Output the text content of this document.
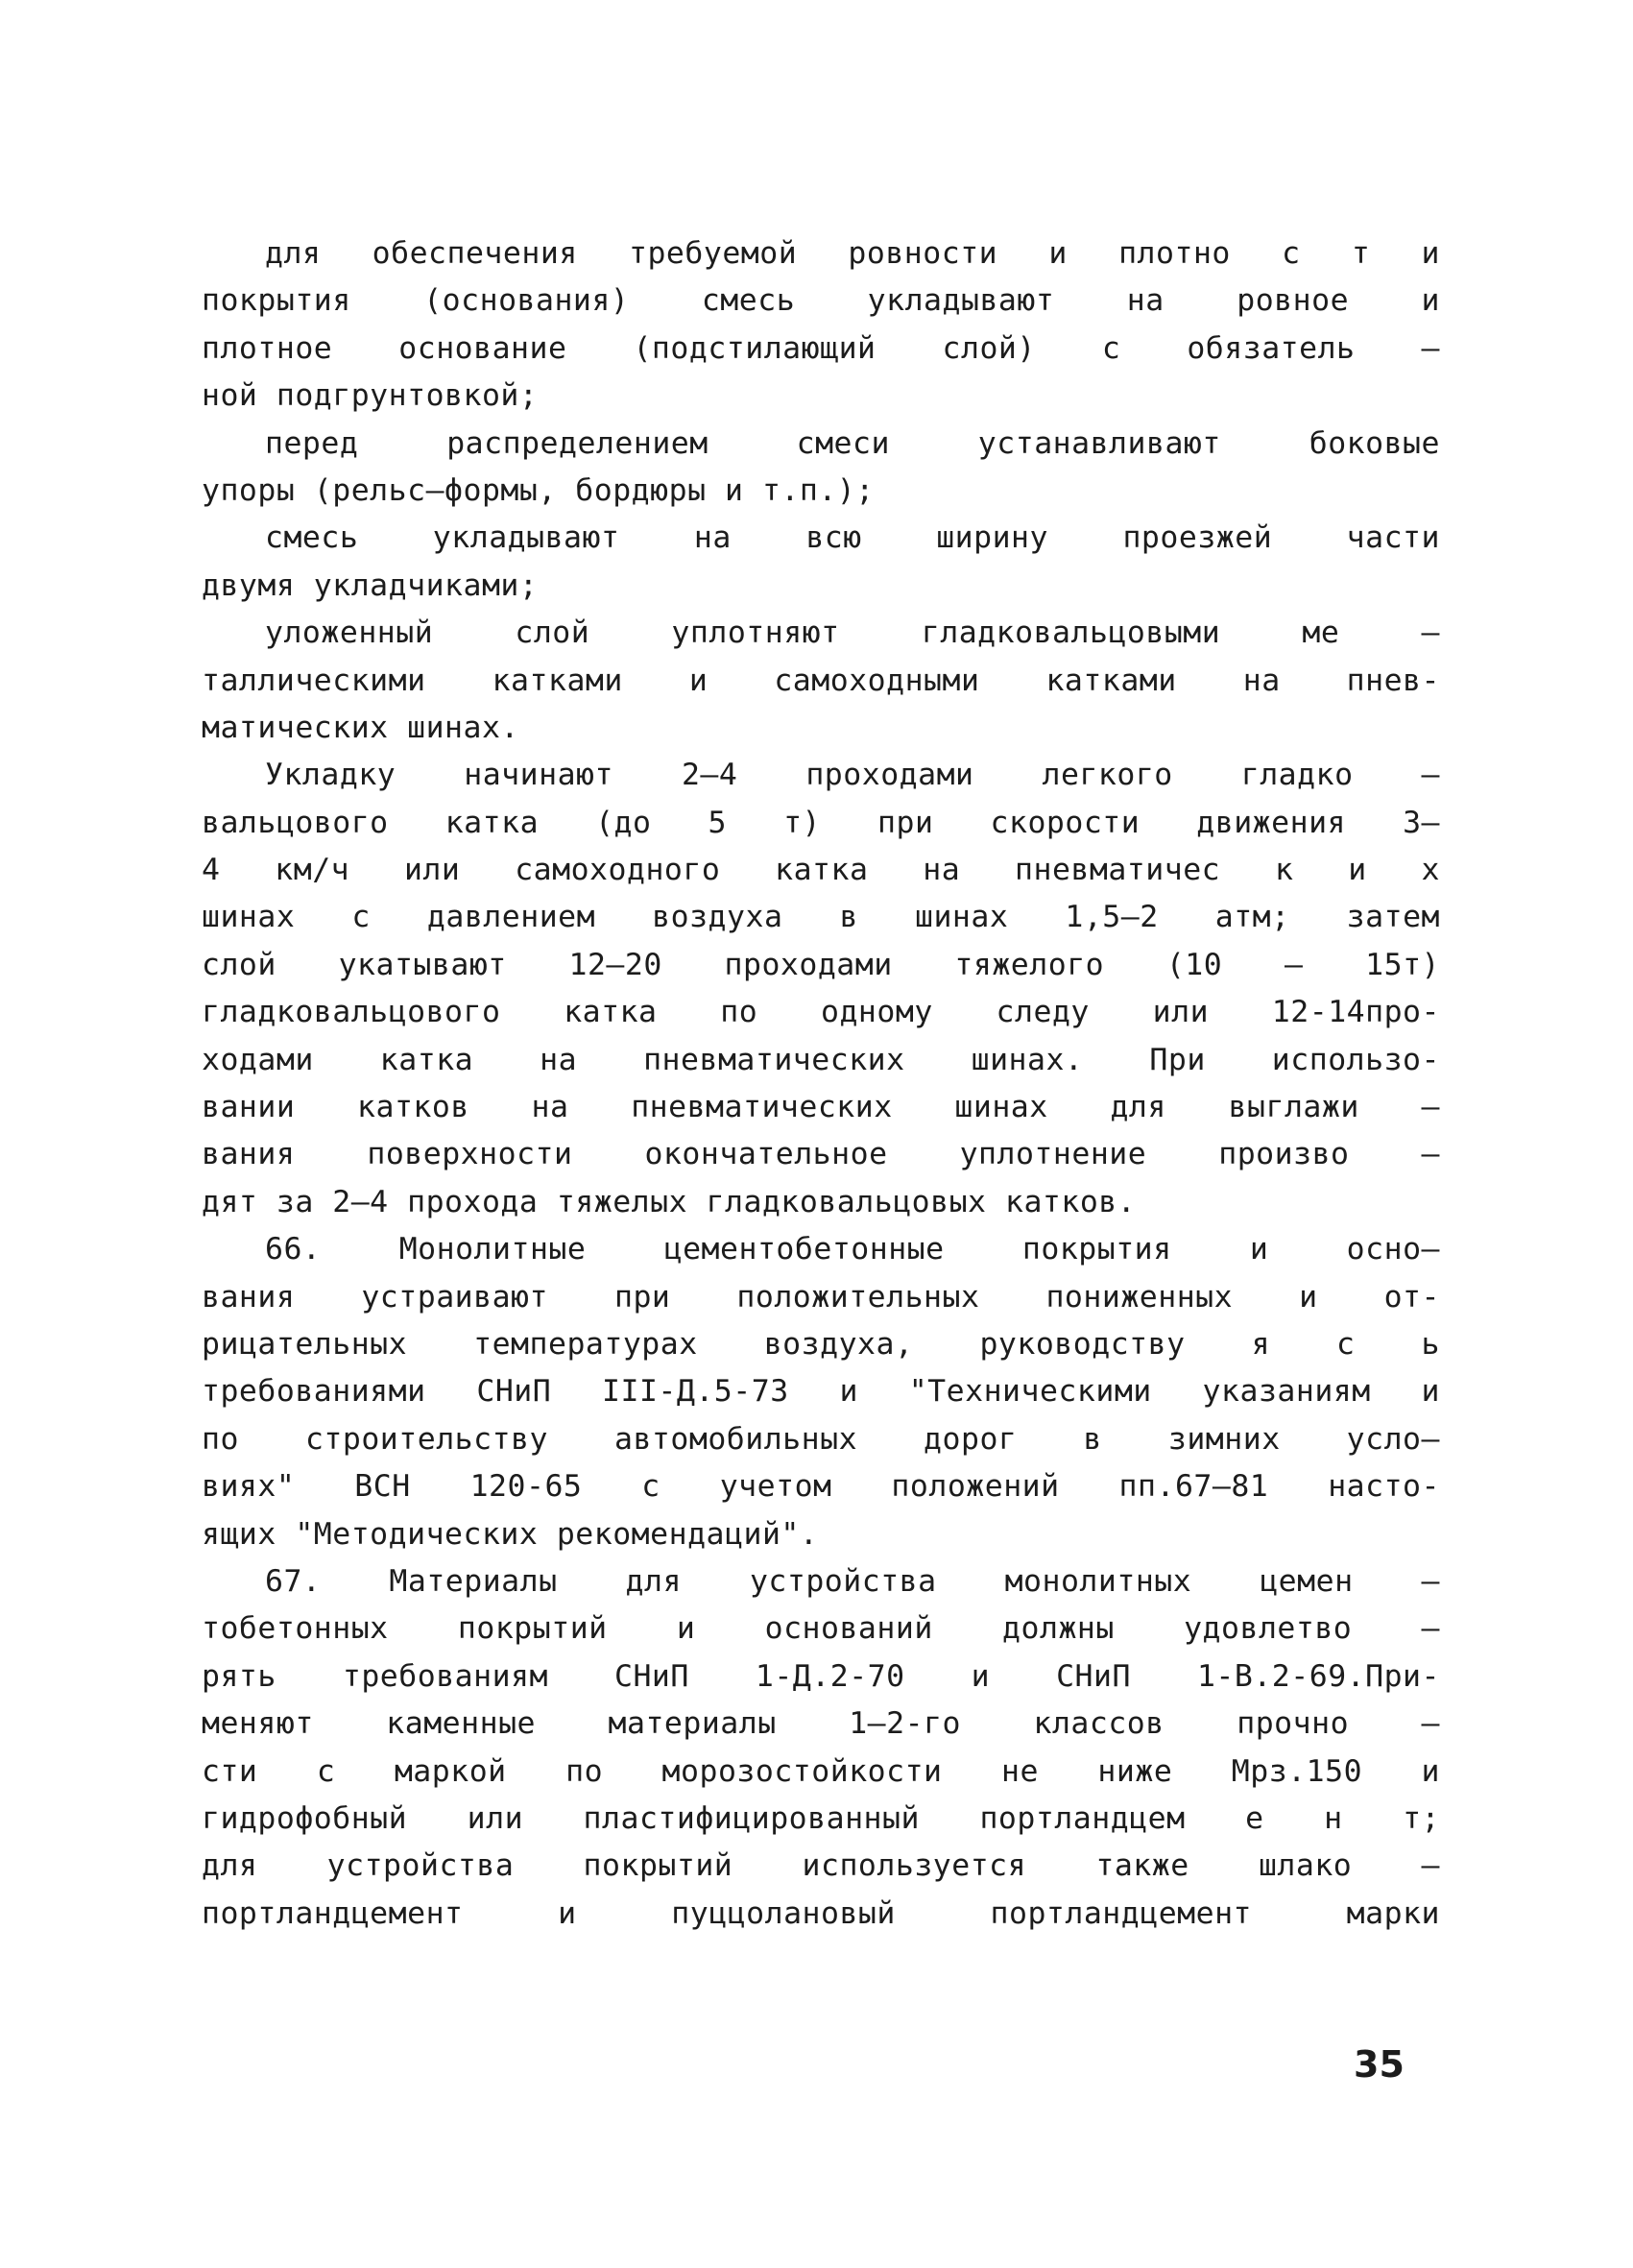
для обеспечения требуемой ровности и плотно с т и
покрытия (основания) смесь укладывают на ровное и
плотное основание (подстилающий слой) с обязатель –
ной подгрунтовкой;
перед распределением смеси устанавливают боковые
упоры (рельс–формы, бордюры и т.п.);
смесь укладывают на всю ширину проезжей части
двумя укладчиками;
уложенный слой уплотняют гладковальцовыми ме –
таллическими катками и самоходными катками на пнев-
матических шинах.
Укладку начинают 2–4 проходами легкого гладко –
вальцового катка (до 5 т) при скорости движения 3–
4 км/ч или самоходного катка на пневматичес к и х
шинах с давлением воздуха в шинах 1,5–2 атм; затем
слой укатывают 12–20 проходами тяжелого (10 – 15т)
гладковальцового катка по одному следу или 12-14про-
ходами катка на пневматических шинах. При использо-
вании катков на пневматических шинах для выглажи –
вания поверхности окончательное уплотнение произво –
дят за 2–4 прохода тяжелых гладковальцовых катков.
66. Монолитные цементобетонные покрытия и осно–
вания устраивают при положительных пониженных и от-
рицательных температурах воздуха, руководству я с ь
требованиями СНиП III-Д.5-73 и "Техническими указаниям и
по строительству автомобильных дорог в зимних усло–
виях" ВСН 120-65 с учетом положений пп.67–81 насто-
ящих "Методических рекомендаций".
67. Материалы для устройства монолитных цемен –
тобетонных покрытий и оснований должны удовлетво –
рять требованиям СНиП 1-Д.2-70 и СНиП 1-В.2-69.При-
меняют каменные материалы 1–2-го классов прочно –
сти с маркой по морозостойкости не ниже Мрз.150 и
гидрофобный или пластифицированный портландцем е н т;
для устройства покрытий используется также шлако –
портландцемент и пуццолановый портландцемент марки
35
